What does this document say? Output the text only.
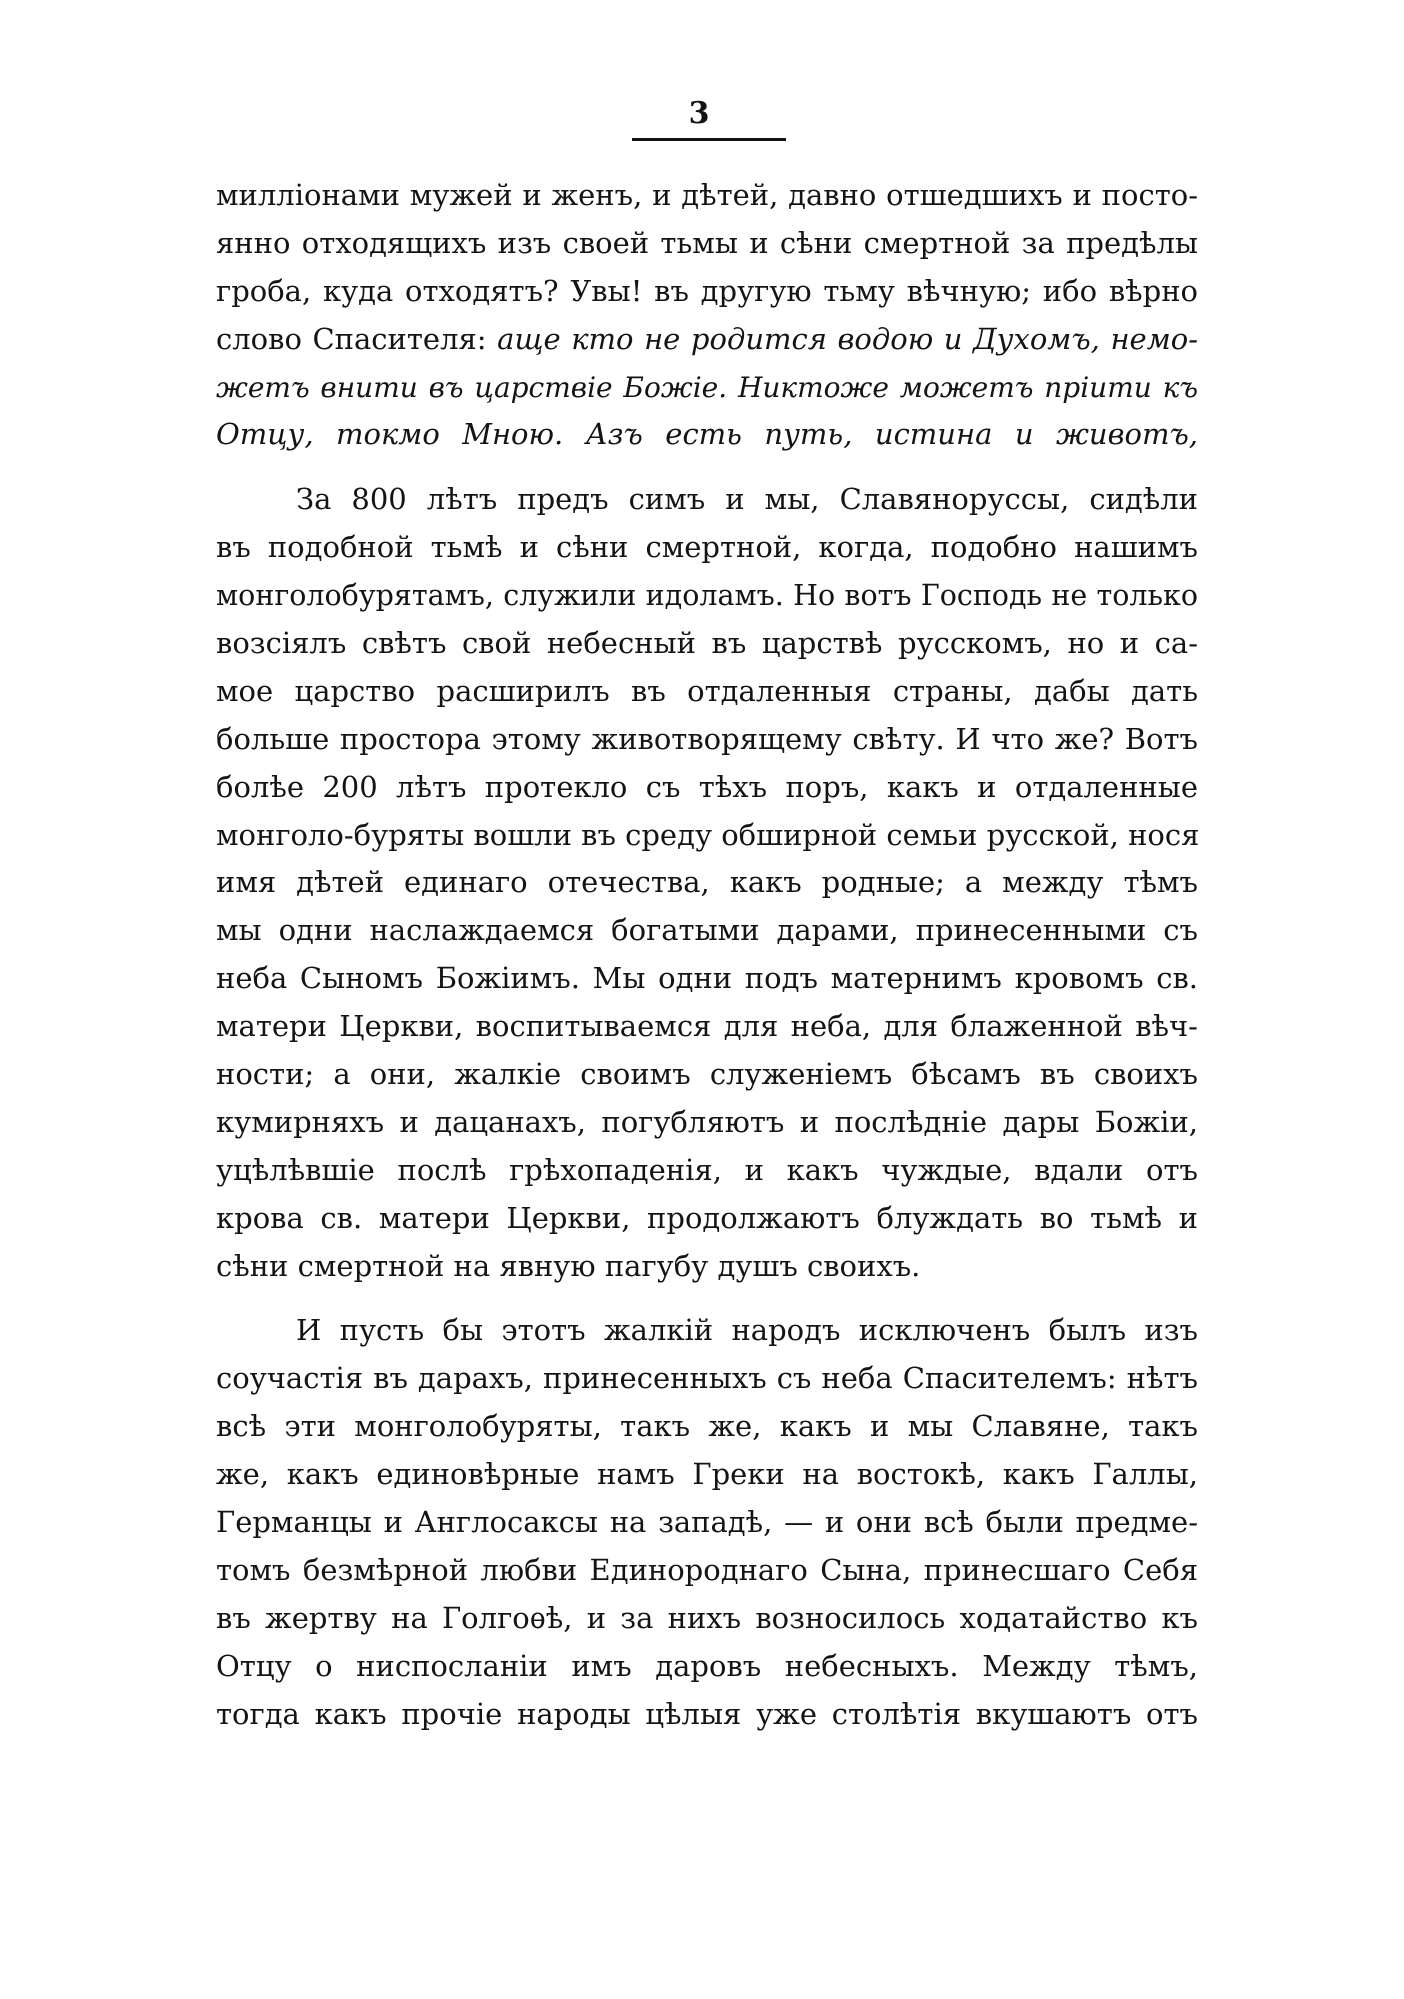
3
милліонами мужей и женъ, и дѣтей, давно отшедшихъ и посто-
янно отходящихъ изъ своей тьмы и сѣни смертной за предѣлы
гроба, куда отходятъ? Увы! въ другую тьму вѣчную; ибо вѣрно
слово Спасителя: аще кто не родится водою и Духомъ, немо-
жетъ внити въ царствіе Божіе. Никтоже можетъ пріити къ
Отцу, токмо Мною. Азъ есть путь, истина и животъ,
За 800 лѣтъ предъ симъ и мы, Славянорусcы, сидѣли
въ подобной тьмѣ и сѣни смертной, когда, подобно нашимъ
монголобурятамъ, служили идоламъ. Но вотъ Господь не только
возсіялъ свѣтъ свой небесный въ царствѣ русскомъ, но и са-
мое царство расширилъ въ отдаленныя страны, дабы дать
больше простора этому животворящему свѣту. И что же? Вотъ
болѣе 200 лѣтъ протекло съ тѣхъ поръ, какъ и отдаленные
монголо-буряты вошли въ среду обширной семьи русской, нося
имя дѣтей единаго отечества, какъ родные; а между тѣмъ
мы одни наслаждаемся богатыми дарами, принесенными съ
неба Сыномъ Божіимъ. Мы одни подъ матернимъ кровомъ св.
матери Церкви, воспитываемся для неба, для блаженной вѣч-
ности; а они, жалкіе своимъ служеніемъ бѣсамъ въ своихъ
кумирняхъ и дацанахъ, погубляютъ и послѣдніе дары Божіи,
уцѣлѣвшіе послѣ грѣхопаденія, и какъ чуждые, вдали отъ
крова св. матери Церкви, продолжаютъ блуждать во тьмѣ и
сѣни смертной на явную пагубу душъ своихъ.
И пусть бы этотъ жалкій народъ исключенъ былъ изъ
соучастія въ дарахъ, принесенныхъ съ неба Спасителемъ: нѣтъ
всѣ эти монголобуряты, такъ же, какъ и мы Славяне, такъ
же, какъ единовѣрные намъ Греки на востокѣ, какъ Галлы,
Германцы и Англосаксы на западѣ, — и они всѣ были предме-
томъ безмѣрной любви Единороднаго Сына, принесшаго Себя
въ жертву на Голгоѳѣ, и за нихъ возносилось ходатайство къ
Отцу о ниспосланіи имъ даровъ небесныхъ. Между тѣмъ,
тогда какъ прочіе народы цѣлыя уже столѣтія вкушаютъ отъ
